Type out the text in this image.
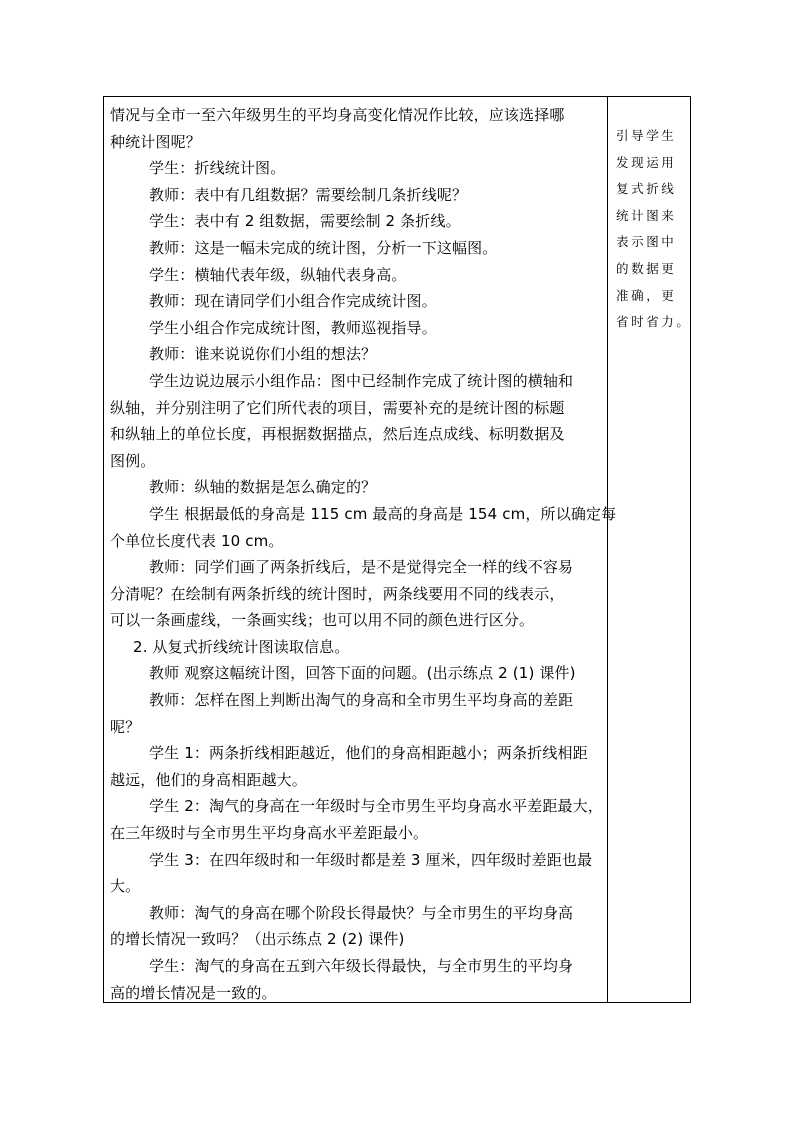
情况与全市一至六年级男生的平均身高变化情况作比较，应该选择哪
种统计图呢？
学生：折线统计图。
教师：表中有几组数据？需要绘制几条折线呢？
学生：表中有 2 组数据，需要绘制 2 条折线。
教师：这是一幅未完成的统计图，分析一下这幅图。
学生：横轴代表年级，纵轴代表身高。
教师：现在请同学们小组合作完成统计图。
学生小组合作完成统计图，教师巡视指导。
教师：谁来说说你们小组的想法？
学生边说边展示小组作品：图中已经制作完成了统计图的横轴和
纵轴，并分别注明了它们所代表的项目，需要补充的是统计图的标题
和纵轴上的单位长度，再根据数据描点，然后连点成线、标明数据及
图例。
教师：纵轴的数据是怎么确定的？
学生 根据最低的身高是 115 cm 最高的身高是 154 cm，所以确定每
个单位长度代表 10 cm。
教师：同学们画了两条折线后，是不是觉得完全一样的线不容易
分清呢？在绘制有两条折线的统计图时，两条线要用不同的线表示，
可以一条画虚线，一条画实线；也可以用不同的颜色进行区分。
2. 从复式折线统计图读取信息。
教师 观察这幅统计图，回答下面的问题。(出示练点 2 (1) 课件)
教师：怎样在图上判断出淘气的身高和全市男生平均身高的差距
呢？
学生 1：两条折线相距越近，他们的身高相距越小；两条折线相距
越远，他们的身高相距越大。
学生 2：淘气的身高在一年级时与全市男生平均身高水平差距最大，
在三年级时与全市男生平均身高水平差距最小。
学生 3：在四年级时和一年级时都是差 3 厘米，四年级时差距也最
大。
教师：淘气的身高在哪个阶段长得最快？与全市男生的平均身高
的增长情况一致吗？（出示练点 2 (2) 课件)
学生：淘气的身高在五到六年级长得最快，与全市男生的平均身
高的增长情况是一致的。
引导学生
发现运用
复式折线
统计图来
表示图中
的数据更
准确，更
省时省力。
